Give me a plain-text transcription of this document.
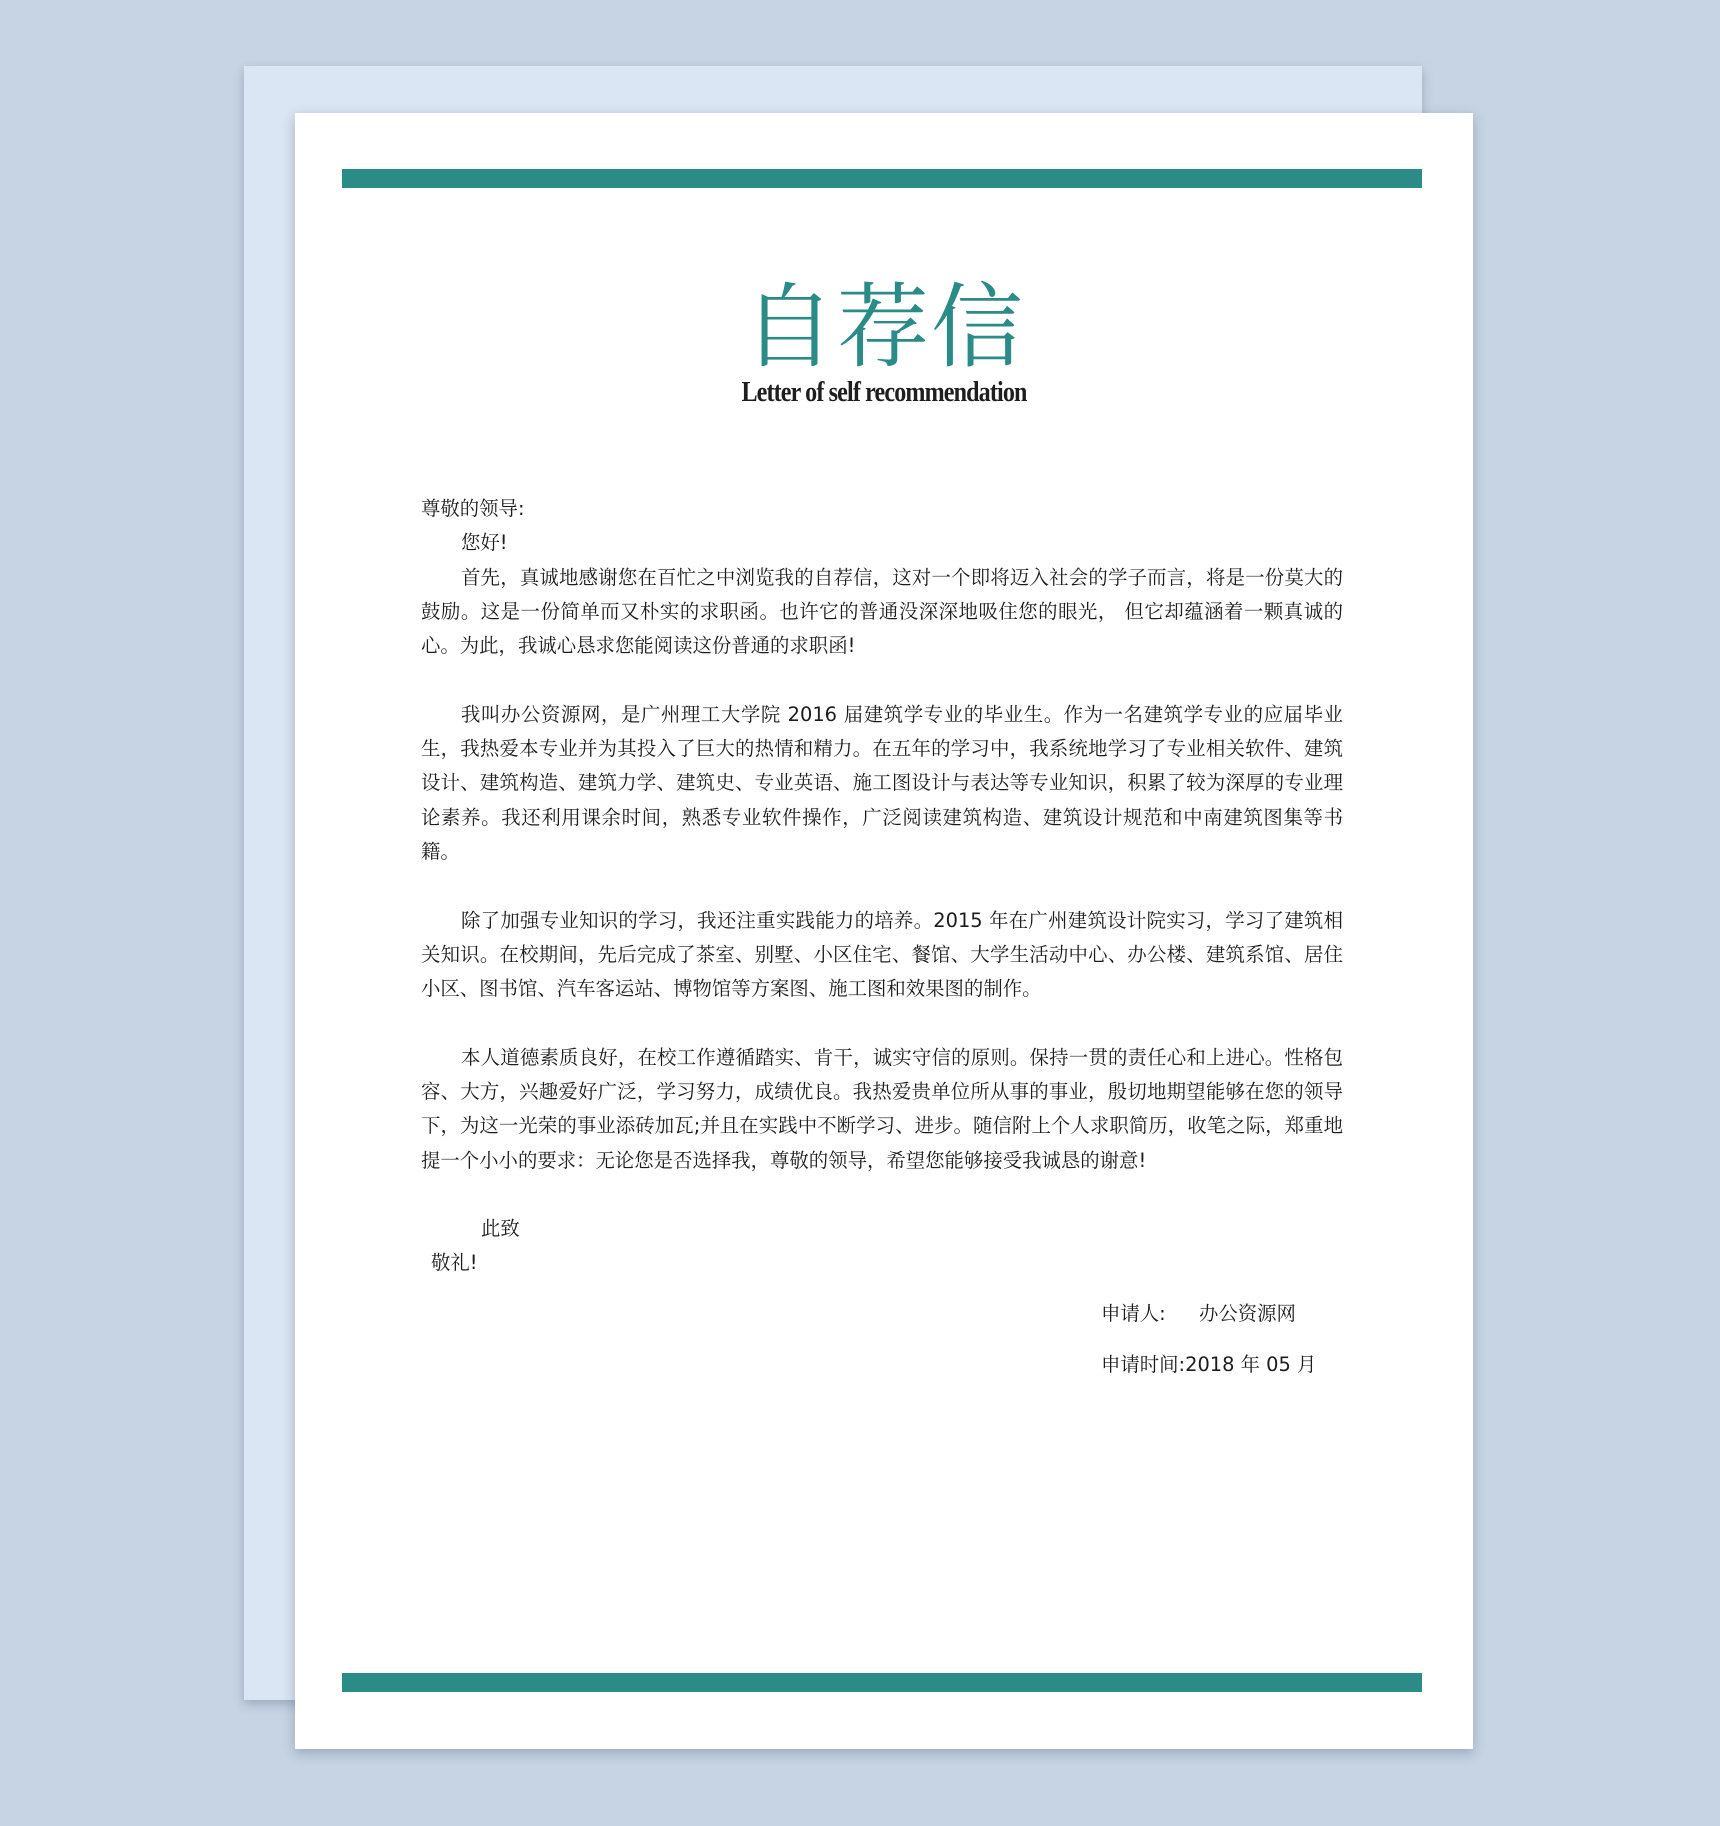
自荐信
Letter of self recommendation

尊敬的领导:

您好!

首先，真诚地感谢您在百忙之中浏览我的自荐信，这对一个即将迈入社会的学子而言，将是一份莫大的鼓励。这是一份简单而又朴实的求职函。也许它的普通没深深地吸住您的眼光， 但它却蕴涵着一颗真诚的心。为此，我诚心恳求您能阅读这份普通的求职函!

我叫办公资源网，是广州理工大学院 2016 届建筑学专业的毕业生。作为一名建筑学专业的应届毕业生，我热爱本专业并为其投入了巨大的热情和精力。在五年的学习中，我系统地学习了专业相关软件、建筑设计、建筑构造、建筑力学、建筑史、专业英语、施工图设计与表达等专业知识，积累了较为深厚的专业理论素养。我还利用课余时间，熟悉专业软件操作，广泛阅读建筑构造、建筑设计规范和中南建筑图集等书籍。

除了加强专业知识的学习，我还注重实践能力的培养。2015 年在广州建筑设计院实习，学习了建筑相关知识。在校期间，先后完成了茶室、别墅、小区住宅、餐馆、大学生活动中心、办公楼、建筑系馆、居住小区、图书馆、汽车客运站、博物馆等方案图、施工图和效果图的制作。

本人道德素质良好，在校工作遵循踏实、肯干，诚实守信的原则。保持一贯的责任心和上进心。性格包容、大方，兴趣爱好广泛，学习努力，成绩优良。我热爱贵单位所从事的事业，殷切地期望能够在您的领导下，为这一光荣的事业添砖加瓦;并且在实践中不断学习、进步。随信附上个人求职简历，收笔之际，郑重地提一个小小的要求：无论您是否选择我，尊敬的领导，希望您能够接受我诚恳的谢意!

此致

敬礼!

申请人: 办公资源网
申请时间:2018 年 05 月
